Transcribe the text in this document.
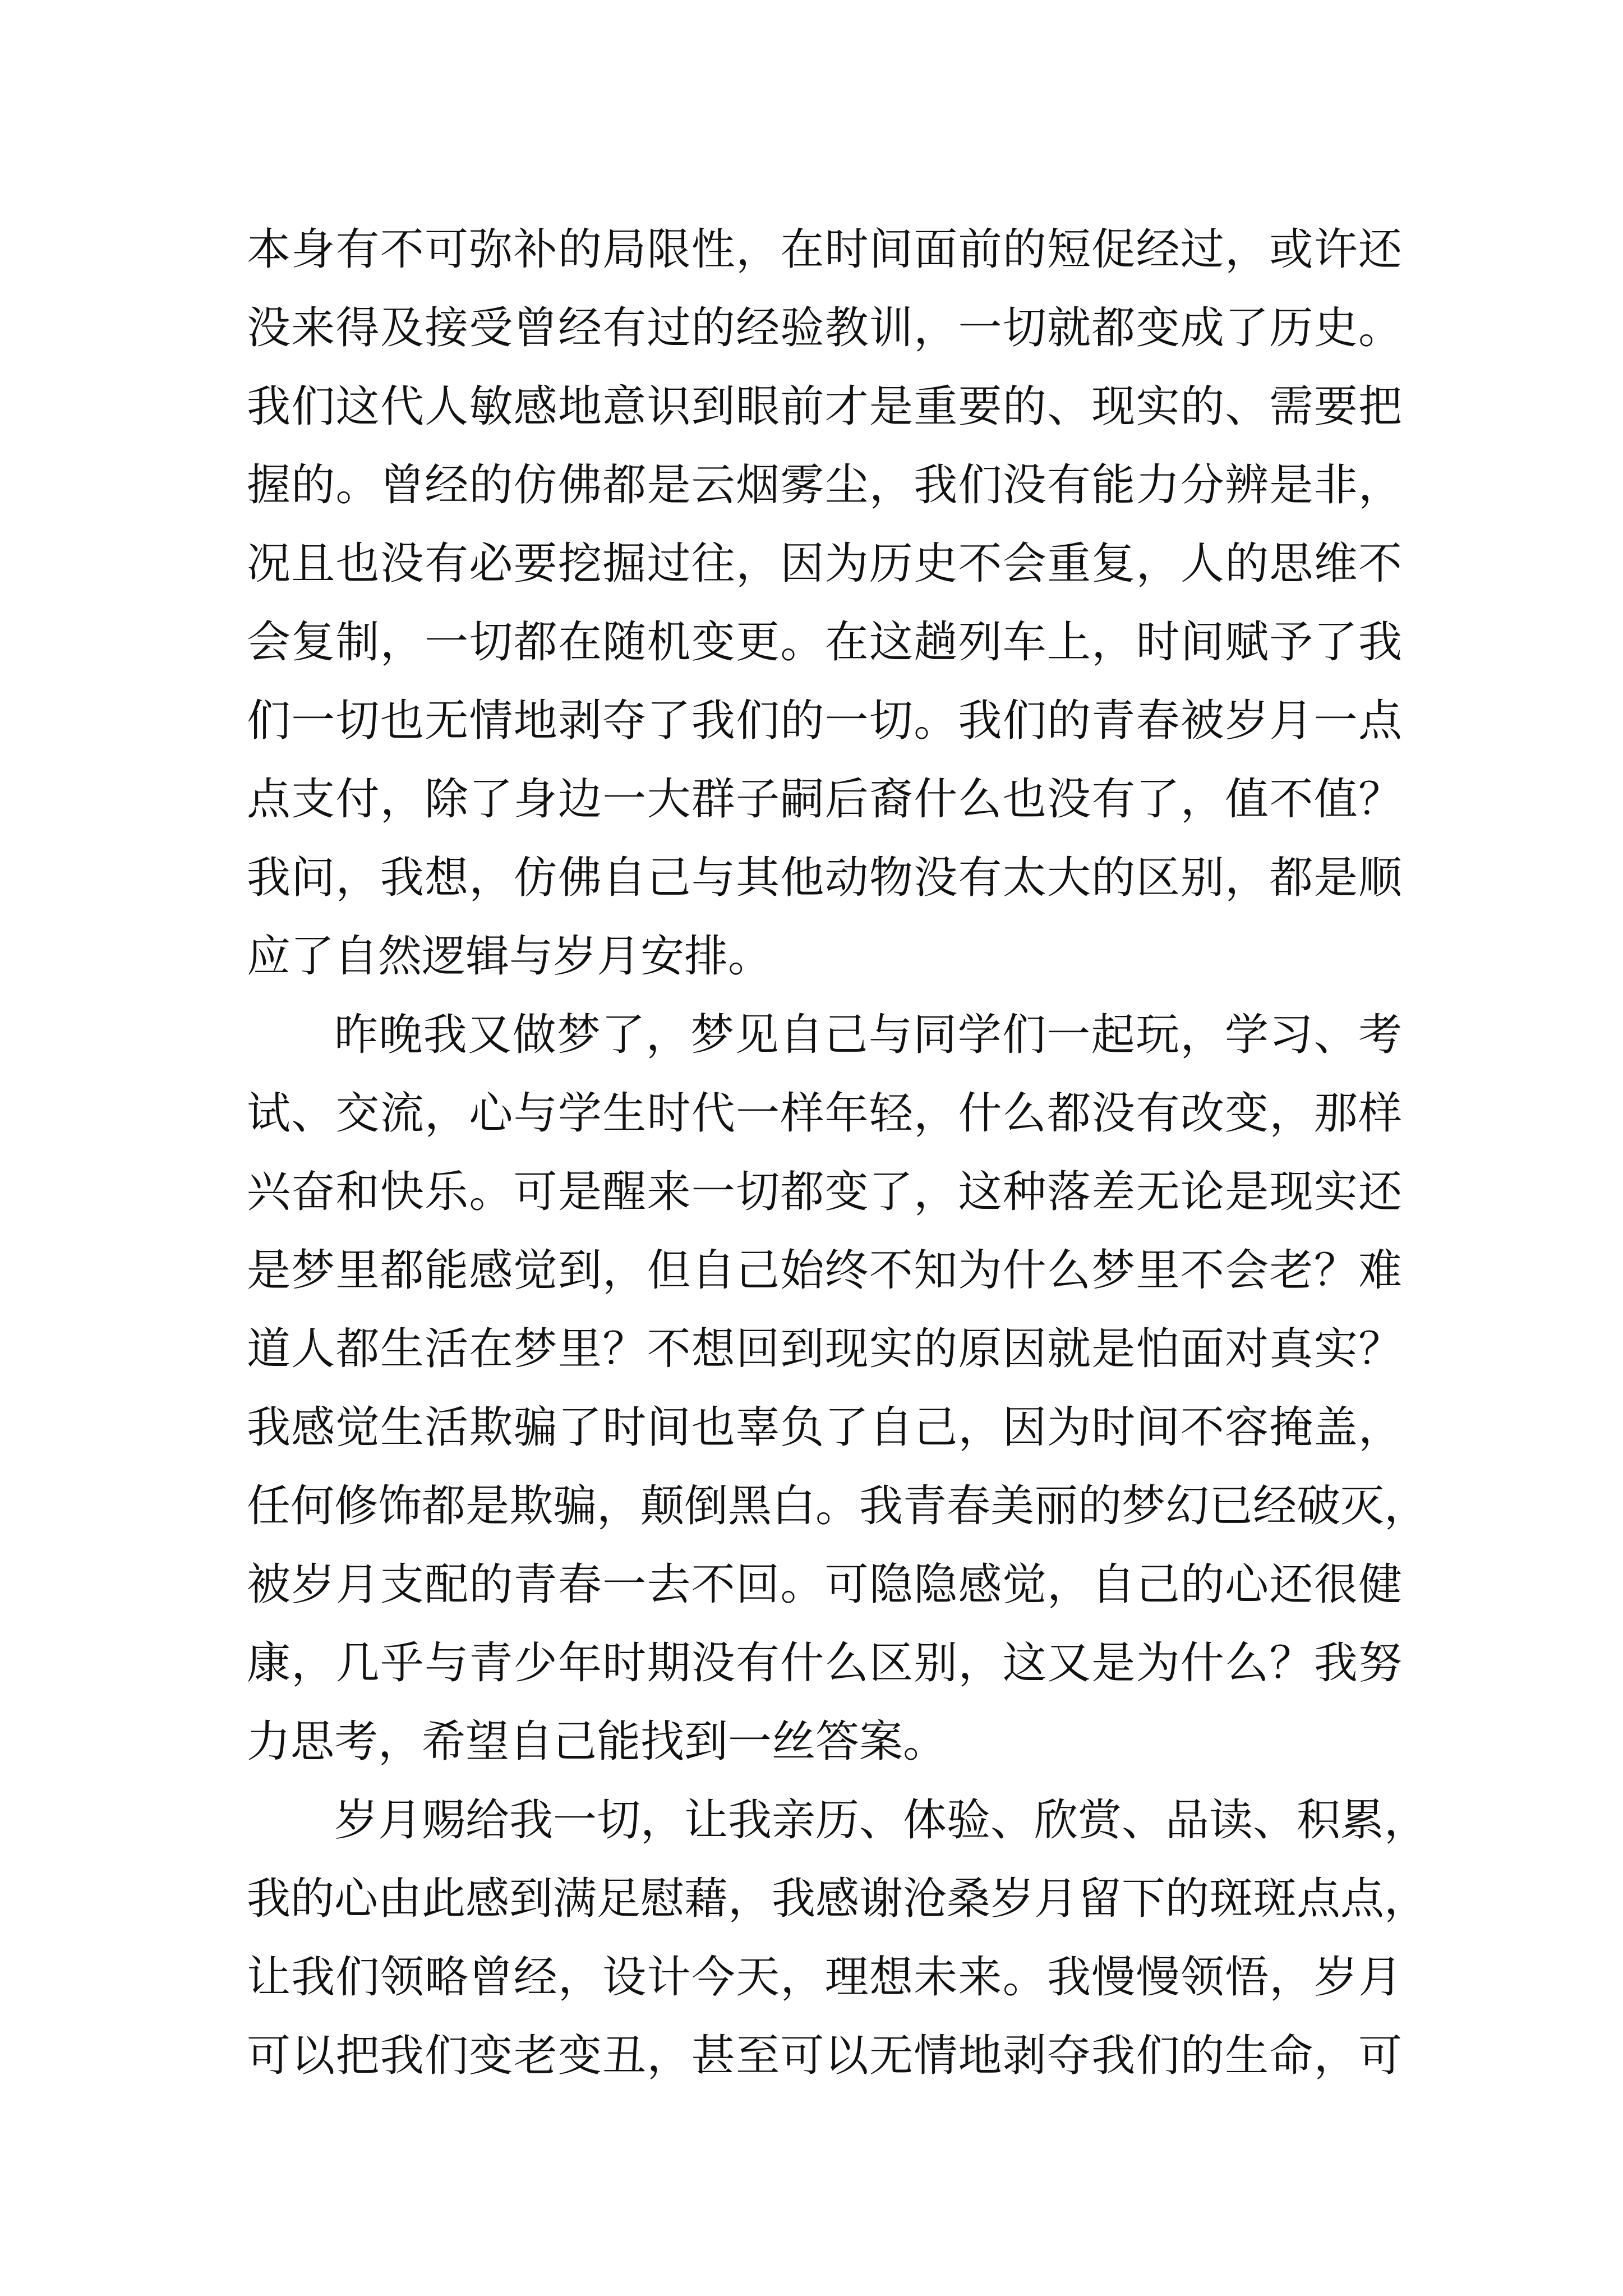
本身有不可弥补的局限性，在时间面前的短促经过，或许还
没来得及接受曾经有过的经验教训，一切就都变成了历史。
我们这代人敏感地意识到眼前才是重要的、现实的、需要把
握的。曾经的仿佛都是云烟雾尘，我们没有能力分辨是非，
况且也没有必要挖掘过往，因为历史不会重复，人的思维不
会复制，一切都在随机变更。在这趟列车上，时间赋予了我
们一切也无情地剥夺了我们的一切。我们的青春被岁月一点
点支付，除了身边一大群子嗣后裔什么也没有了，值不值？
我问，我想，仿佛自己与其他动物没有太大的区别，都是顺
应了自然逻辑与岁月安排。
昨晚我又做梦了，梦见自己与同学们一起玩，学习、考
试、交流，心与学生时代一样年轻，什么都没有改变，那样
兴奋和快乐。可是醒来一切都变了，这种落差无论是现实还
是梦里都能感觉到，但自己始终不知为什么梦里不会老？难
道人都生活在梦里？不想回到现实的原因就是怕面对真实？
我感觉生活欺骗了时间也辜负了自己，因为时间不容掩盖，
任何修饰都是欺骗，颠倒黑白。我青春美丽的梦幻已经破灭，
被岁月支配的青春一去不回。可隐隐感觉，自己的心还很健
康，几乎与青少年时期没有什么区别，这又是为什么？我努
力思考，希望自己能找到一丝答案。
岁月赐给我一切，让我亲历、体验、欣赏、品读、积累，
我的心由此感到满足慰藉，我感谢沧桑岁月留下的斑斑点点，
让我们领略曾经，设计今天，理想未来。我慢慢领悟，岁月
可以把我们变老变丑，甚至可以无情地剥夺我们的生命，可
